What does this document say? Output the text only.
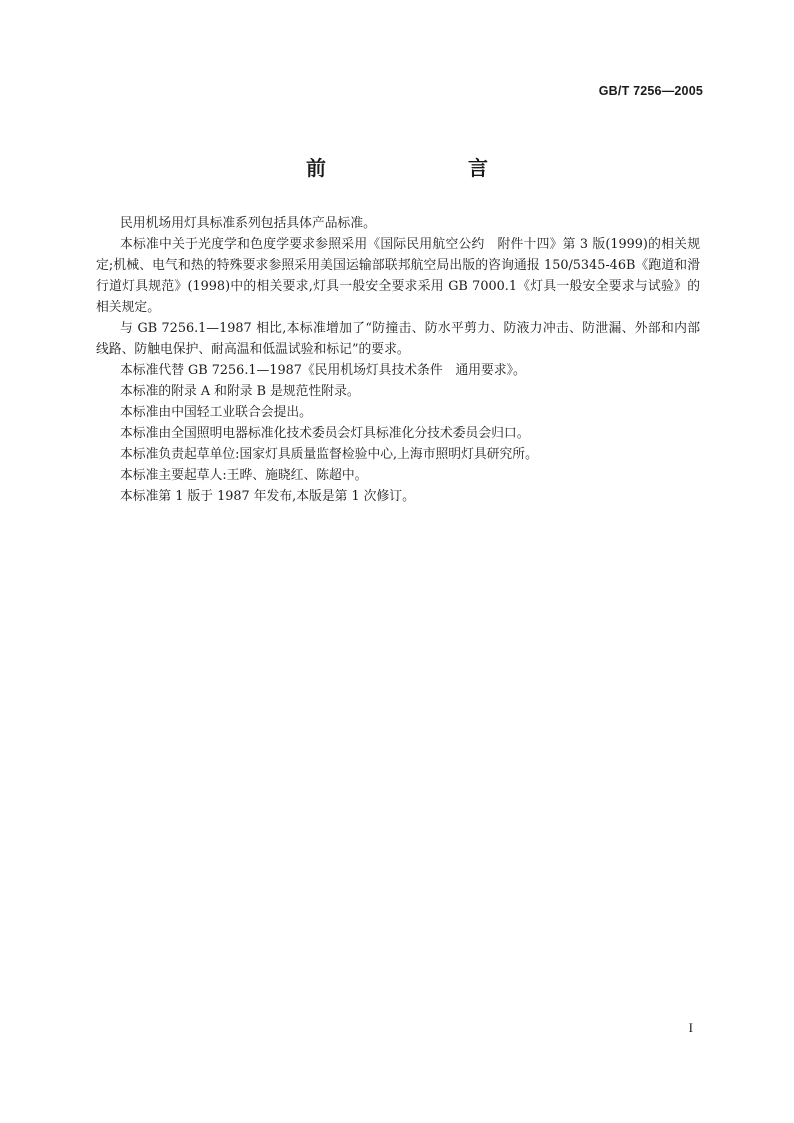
GB/T 7256—2005
前　　言

民用机场用灯具标准系列包括具体产品标准。

本标准中关于光度学和色度学要求参照采用《国际民用航空公约　附件十四》第 3 版(1999)的相关规定;机械、电气和热的特殊要求参照采用美国运输部联邦航空局出版的咨询通报 150/5345-46B《跑道和滑行道灯具规范》(1998)中的相关要求,灯具一般安全要求采用 GB 7000.1《灯具一般安全要求与试验》的相关规定。

与 GB 7256.1—1987 相比,本标准增加了“防撞击、防水平剪力、防液力冲击、防泄漏、外部和内部线路、防触电保护、耐高温和低温试验和标记”的要求。

本标准代替 GB 7256.1—1987《民用机场灯具技术条件　通用要求》。

本标准的附录 A 和附录 B 是规范性附录。

本标准由中国轻工业联合会提出。

本标准由全国照明电器标准化技术委员会灯具标准化分技术委员会归口。

本标准负责起草单位:国家灯具质量监督检验中心,上海市照明灯具研究所。

本标准主要起草人:王晔、施晓红、陈超中。

本标准第 1 版于 1987 年发布,本版是第 1 次修订。

I
